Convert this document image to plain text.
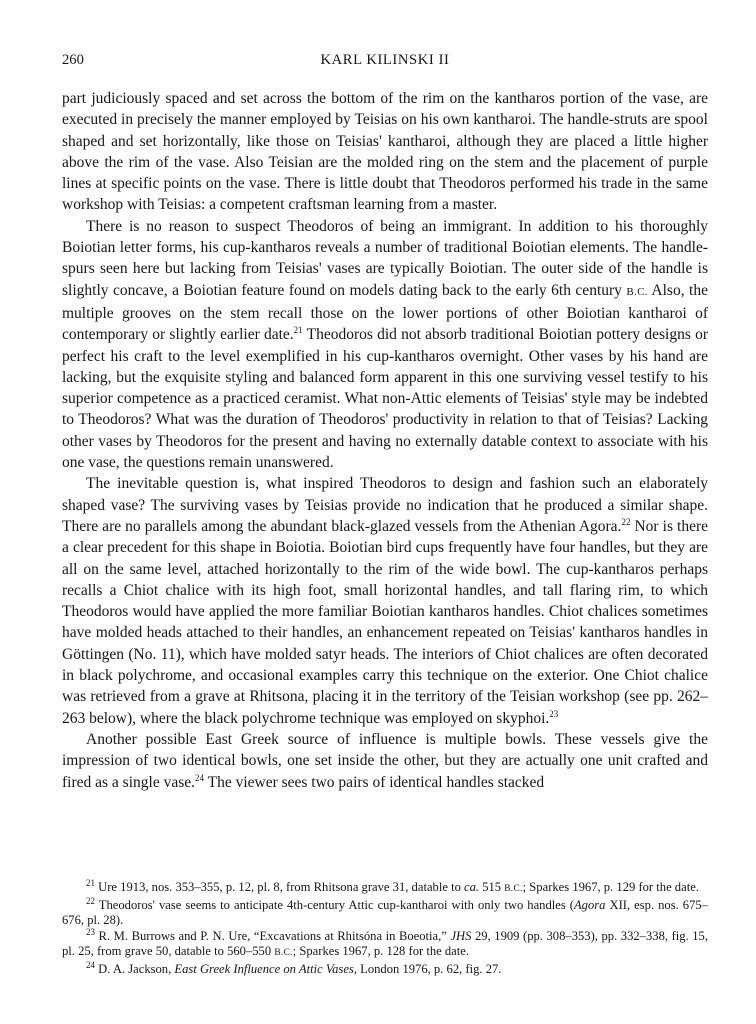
260	KARL KILINSKI II

part judiciously spaced and set across the bottom of the rim on the kantharos portion of the vase, are executed in precisely the manner employed by Teisias on his own kantharoi. The handle-struts are spool shaped and set horizontally, like those on Teisias' kantharoi, although they are placed a little higher above the rim of the vase. Also Teisian are the molded ring on the stem and the placement of purple lines at specific points on the vase. There is little doubt that Theodoros performed his trade in the same workshop with Teisias: a competent craftsman learning from a master.

There is no reason to suspect Theodoros of being an immigrant. In addition to his thoroughly Boiotian letter forms, his cup-kantharos reveals a number of traditional Boiotian elements. The handle-spurs seen here but lacking from Teisias' vases are typically Boiotian. The outer side of the handle is slightly concave, a Boiotian feature found on models dating back to the early 6th century B.C. Also, the multiple grooves on the stem recall those on the lower portions of other Boiotian kantharoi of contemporary or slightly earlier date.$^{21}$ Theodoros did not absorb traditional Boiotian pottery designs or perfect his craft to the level exemplified in his cup-kantharos overnight. Other vases by his hand are lacking, but the exquisite styling and balanced form apparent in this one surviving vessel testify to his superior competence as a practiced ceramist. What non-Attic elements of Teisias' style may be indebted to Theodoros? What was the duration of Theodoros' productivity in relation to that of Teisias? Lacking other vases by Theodoros for the present and having no externally datable context to associate with his one vase, the questions remain unanswered.

The inevitable question is, what inspired Theodoros to design and fashion such an elaborately shaped vase? The surviving vases by Teisias provide no indication that he produced a similar shape. There are no parallels among the abundant black-glazed vessels from the Athenian Agora.$^{22}$ Nor is there a clear precedent for this shape in Boiotia. Boiotian bird cups frequently have four handles, but they are all on the same level, attached horizontally to the rim of the wide bowl. The cup-kantharos perhaps recalls a Chiot chalice with its high foot, small horizontal handles, and tall flaring rim, to which Theodoros would have applied the more familiar Boiotian kantharos handles. Chiot chalices sometimes have molded heads attached to their handles, an enhancement repeated on Teisias' kantharos handles in Göttingen (No. 11), which have molded satyr heads. The interiors of Chiot chalices are often decorated in black polychrome, and occasional examples carry this technique on the exterior. One Chiot chalice was retrieved from a grave at Rhitsona, placing it in the territory of the Teisian workshop (see pp. 262–263 below), where the black polychrome technique was employed on skyphoi.$^{23}$

Another possible East Greek source of influence is multiple bowls. These vessels give the impression of two identical bowls, one set inside the other, but they are actually one unit crafted and fired as a single vase.$^{24}$ The viewer sees two pairs of identical handles stacked

$^{21}$ Ure 1913, nos. 353–355, p. 12, pl. 8, from Rhitsona grave 31, datable to ca. 515 B.C.; Sparkes 1967, p. 129 for the date.

$^{22}$ Theodoros' vase seems to anticipate 4th-century Attic cup-kantharoi with only two handles (Agora XII, esp. nos. 675–676, pl. 28).

$^{23}$ R. M. Burrows and P. N. Ure, “Excavations at Rhitsóna in Boeotia,” JHS 29, 1909 (pp. 308–353), pp. 332–338, fig. 15, pl. 25, from grave 50, datable to 560–550 B.C.; Sparkes 1967, p. 128 for the date.

$^{24}$ D. A. Jackson, East Greek Influence on Attic Vases, London 1976, p. 62, fig. 27.
